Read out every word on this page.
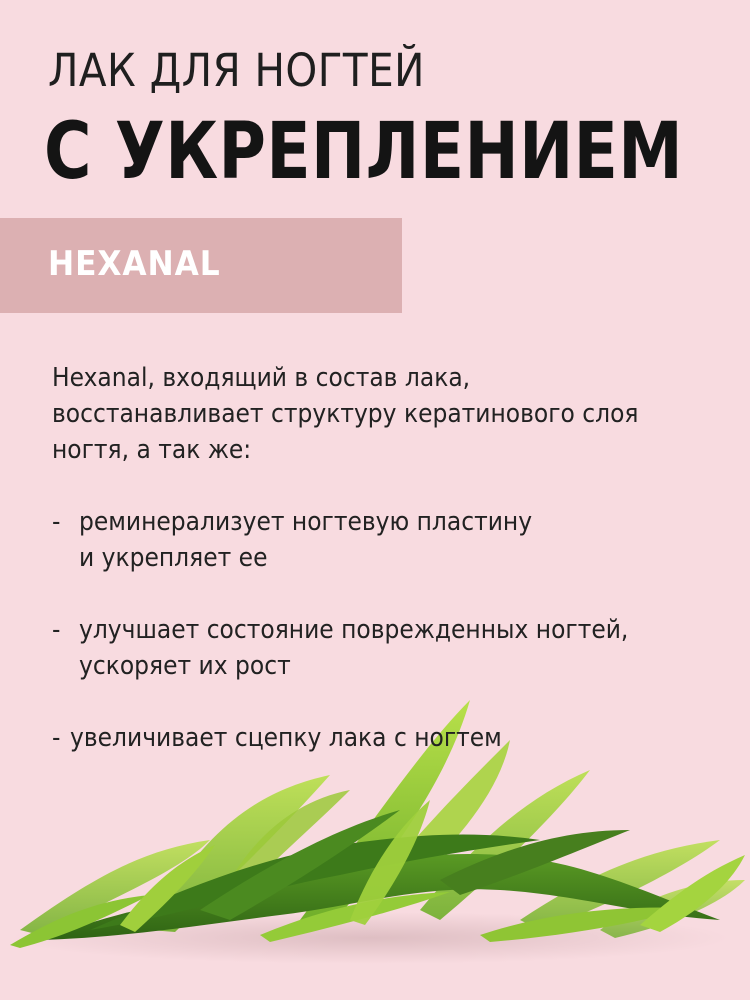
ЛАК ДЛЯ НОГТЕЙ
С УКРЕПЛЕНИЕМ
HEXANAL

Hexanal, входящий в состав лака,
восстанавливает структуру кератинового слоя
ногтя, а так же:

- реминерализует ногтевую пластину
и укрепляет ее
- улучшает состояние поврежденных ногтей,
ускоряет их рост
- увеличивает сцепку лака с ногтем
